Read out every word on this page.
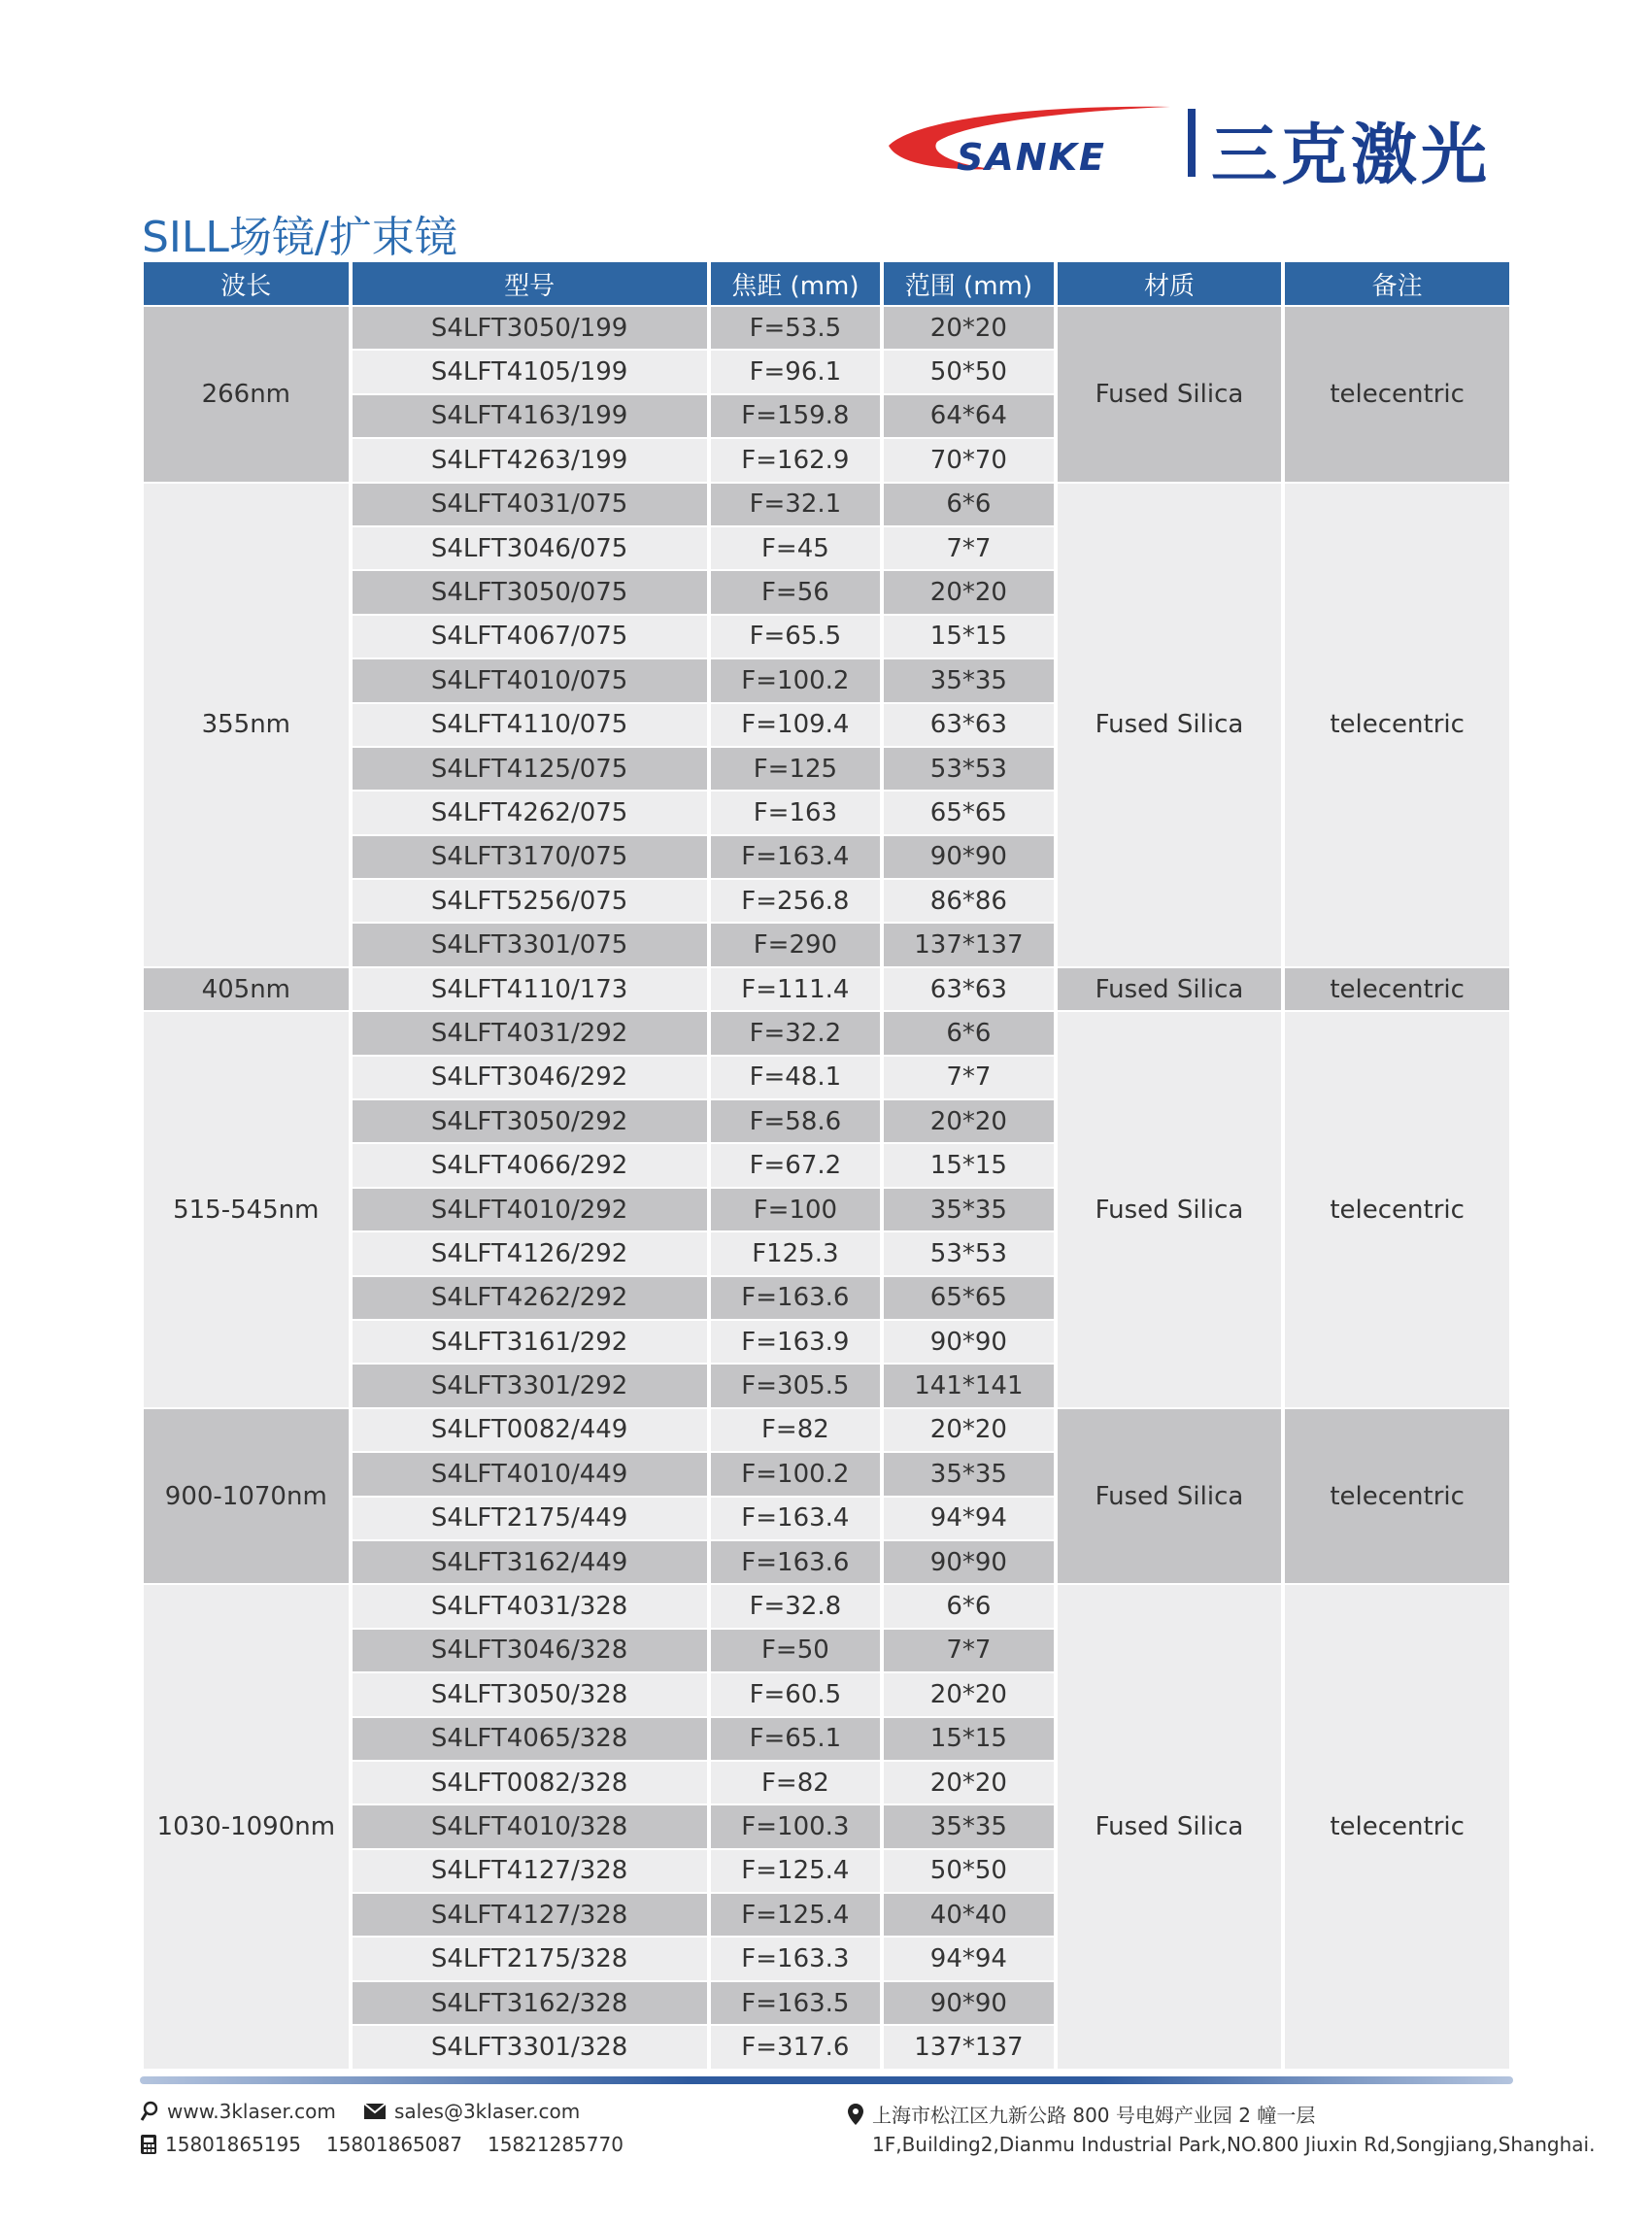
SANKE 三克激光
SILL场镜/扩束镜
波长	型号	焦距 (mm)	范围 (mm)	材质	备注
266nm	S4LFT3050/199	F=53.5	20*20	Fused Silica	telecentric
	S4LFT4105/199	F=96.1	50*50		
	S4LFT4163/199	F=159.8	64*64		
	S4LFT4263/199	F=162.9	70*70		
355nm	S4LFT4031/075	F=32.1	6*6	Fused Silica	telecentric
	S4LFT3046/075	F=45	7*7		
	S4LFT3050/075	F=56	20*20		
	S4LFT4067/075	F=65.5	15*15		
	S4LFT4010/075	F=100.2	35*35		
	S4LFT4110/075	F=109.4	63*63		
	S4LFT4125/075	F=125	53*53		
	S4LFT4262/075	F=163	65*65		
	S4LFT3170/075	F=163.4	90*90		
	S4LFT5256/075	F=256.8	86*86		
	S4LFT3301/075	F=290	137*137		
405nm	S4LFT4110/173	F=111.4	63*63	Fused Silica	telecentric
515-545nm	S4LFT4031/292	F=32.2	6*6	Fused Silica	telecentric
	S4LFT3046/292	F=48.1	7*7		
	S4LFT3050/292	F=58.6	20*20		
	S4LFT4066/292	F=67.2	15*15		
	S4LFT4010/292	F=100	35*35		
	S4LFT4126/292	F125.3	53*53		
	S4LFT4262/292	F=163.6	65*65		
	S4LFT3161/292	F=163.9	90*90		
	S4LFT3301/292	F=305.5	141*141		
900-1070nm	S4LFT0082/449	F=82	20*20	Fused Silica	telecentric
	S4LFT4010/449	F=100.2	35*35		
	S4LFT2175/449	F=163.4	94*94		
	S4LFT3162/449	F=163.6	90*90		
1030-1090nm	S4LFT4031/328	F=32.8	6*6	Fused Silica	telecentric
	S4LFT3046/328	F=50	7*7		
	S4LFT3050/328	F=60.5	20*20		
	S4LFT4065/328	F=65.1	15*15		
	S4LFT0082/328	F=82	20*20		
	S4LFT4010/328	F=100.3	35*35		
	S4LFT4127/328	F=125.4	50*50		
	S4LFT4127/328	F=125.4	40*40		
	S4LFT2175/328	F=163.3	94*94		
	S4LFT3162/328	F=163.5	90*90		
	S4LFT3301/328	F=317.6	137*137		
www.3klaser.com	sales@3klaser.com
15801865195 15801865087 15821285770
上海市松江区九新公路 800 号电姆产业园 2 幢一层
1F,Building2,Dianmu Industrial Park,NO.800 Jiuxin Rd,Songjiang,Shanghai.
